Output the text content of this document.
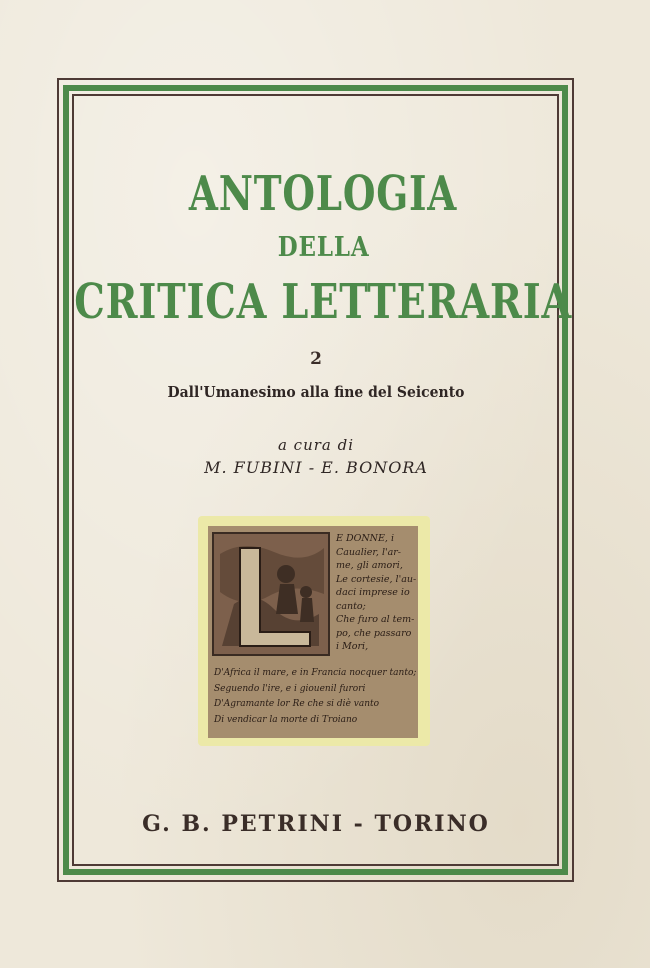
ANTOLOGIA
DELLA
CRITICA LETTERARIA
2
Dall'Umanesimo alla fine del Seicento
a cura di
M. FUBINI - E. BONORA
E DONNE, i
Caualier, l'ar-
me, gli amori,
Le cortesie, l'au-
daci imprese io
canto;
Che furo al tem-
po, che passaro
i Mori,
D'Africa il mare, e in Francia nocquer tanto;
Seguendo l'ire, e i giouenil furori
D'Agramante lor Re che si diè vanto
Di vendicar la morte di Troiano
G. B. PETRINI - TORINO
